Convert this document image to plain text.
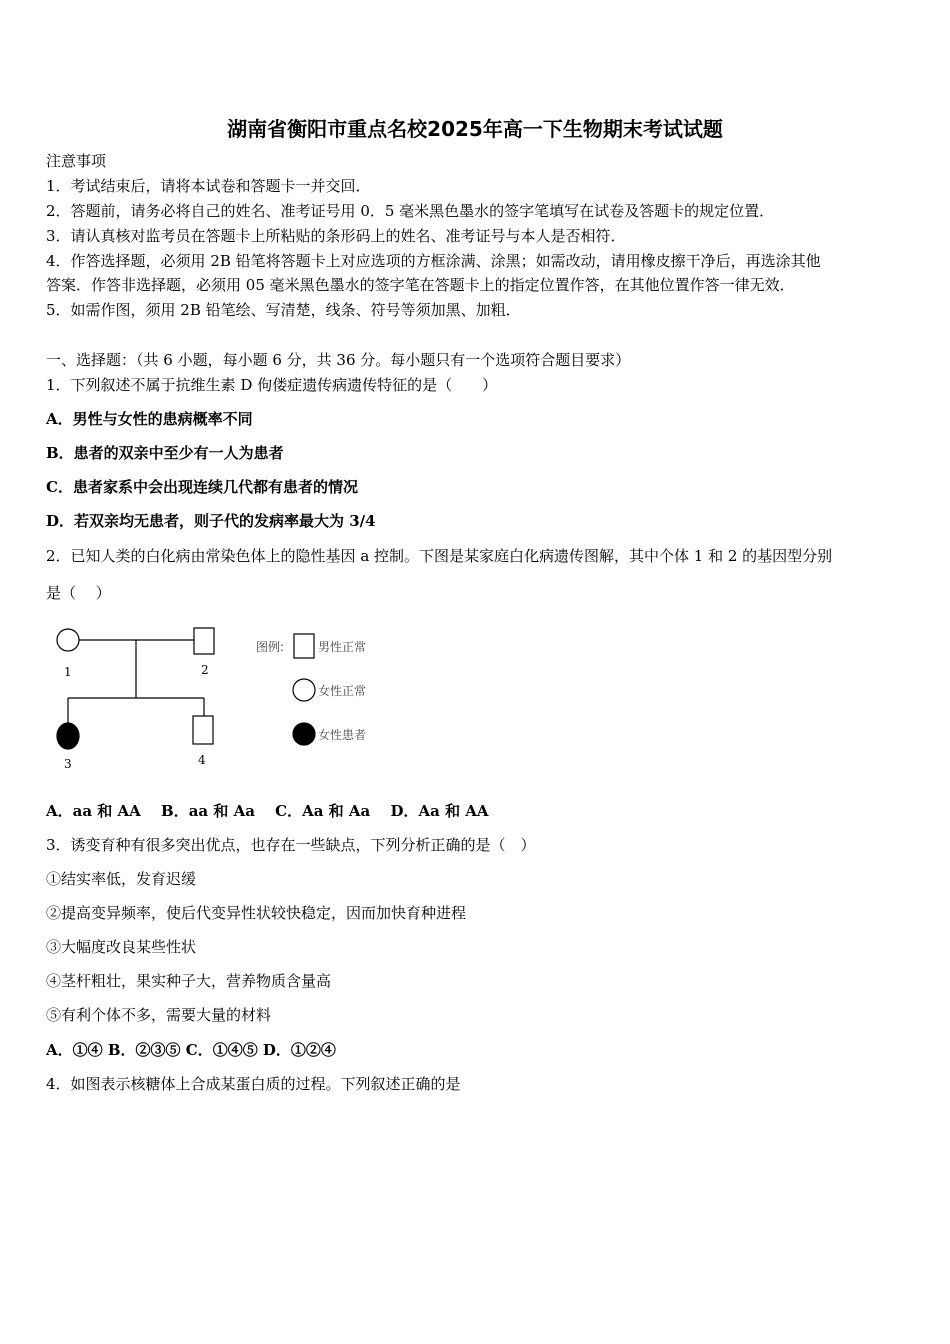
湖南省衡阳市重点名校2025年高一下生物期末考试试题
注意事项
1．考试结束后，请将本试卷和答题卡一并交回．
2．答题前，请务必将自己的姓名、准考证号用 0．5 毫米黑色墨水的签字笔填写在试卷及答题卡的规定位置．
3．请认真核对监考员在答题卡上所粘贴的条形码上的姓名、准考证号与本人是否相符．
4．作答选择题，必须用 2B 铅笔将答题卡上对应选项的方框涂满、涂黑；如需改动，请用橡皮擦干净后，再选涂其他
答案．作答非选择题，必须用 05 毫米黑色墨水的签字笔在答题卡上的指定位置作答，在其他位置作答一律无效．
5．如需作图，须用 2B 铅笔绘、写清楚，线条、符号等须加黑、加粗．
一、选择题：（共 6 小题，每小题 6 分，共 36 分。每小题只有一个选项符合题目要求）
1．下列叙述不属于抗维生素 D 佝偻症遗传病遗传特征的是（　　）
A．男性与女性的患病概率不同
B．患者的双亲中至少有一人为患者
C．患者家系中会出现连续几代都有患者的情况
D．若双亲均无患者，则子代的发病率最大为 3/4
2．已知人类的白化病由常染色体上的隐性基因 a 控制。下图是某家庭白化病遗传图解，其中个体 1 和 2 的基因型分别
是（　 ）
1	2
3	4
图例:	男性正常
女性正常
女性患者
A．aa 和 AA　 B．aa 和 Aa　 C．Aa 和 Aa　 D．Aa 和 AA
3．诱变育种有很多突出优点，也存在一些缺点，下列分析正确的是（　）
①结实率低，发育迟缓
②提高变异频率，使后代变异性状较快稳定，因而加快育种进程
③大幅度改良某些性状
④茎杆粗壮，果实种子大，营养物质含量高
⑤有利个体不多，需要大量的材料
A．①④ B．②③⑤ C．①④⑤ D．①②④
4．如图表示核糖体上合成某蛋白质的过程。下列叙述正确的是
